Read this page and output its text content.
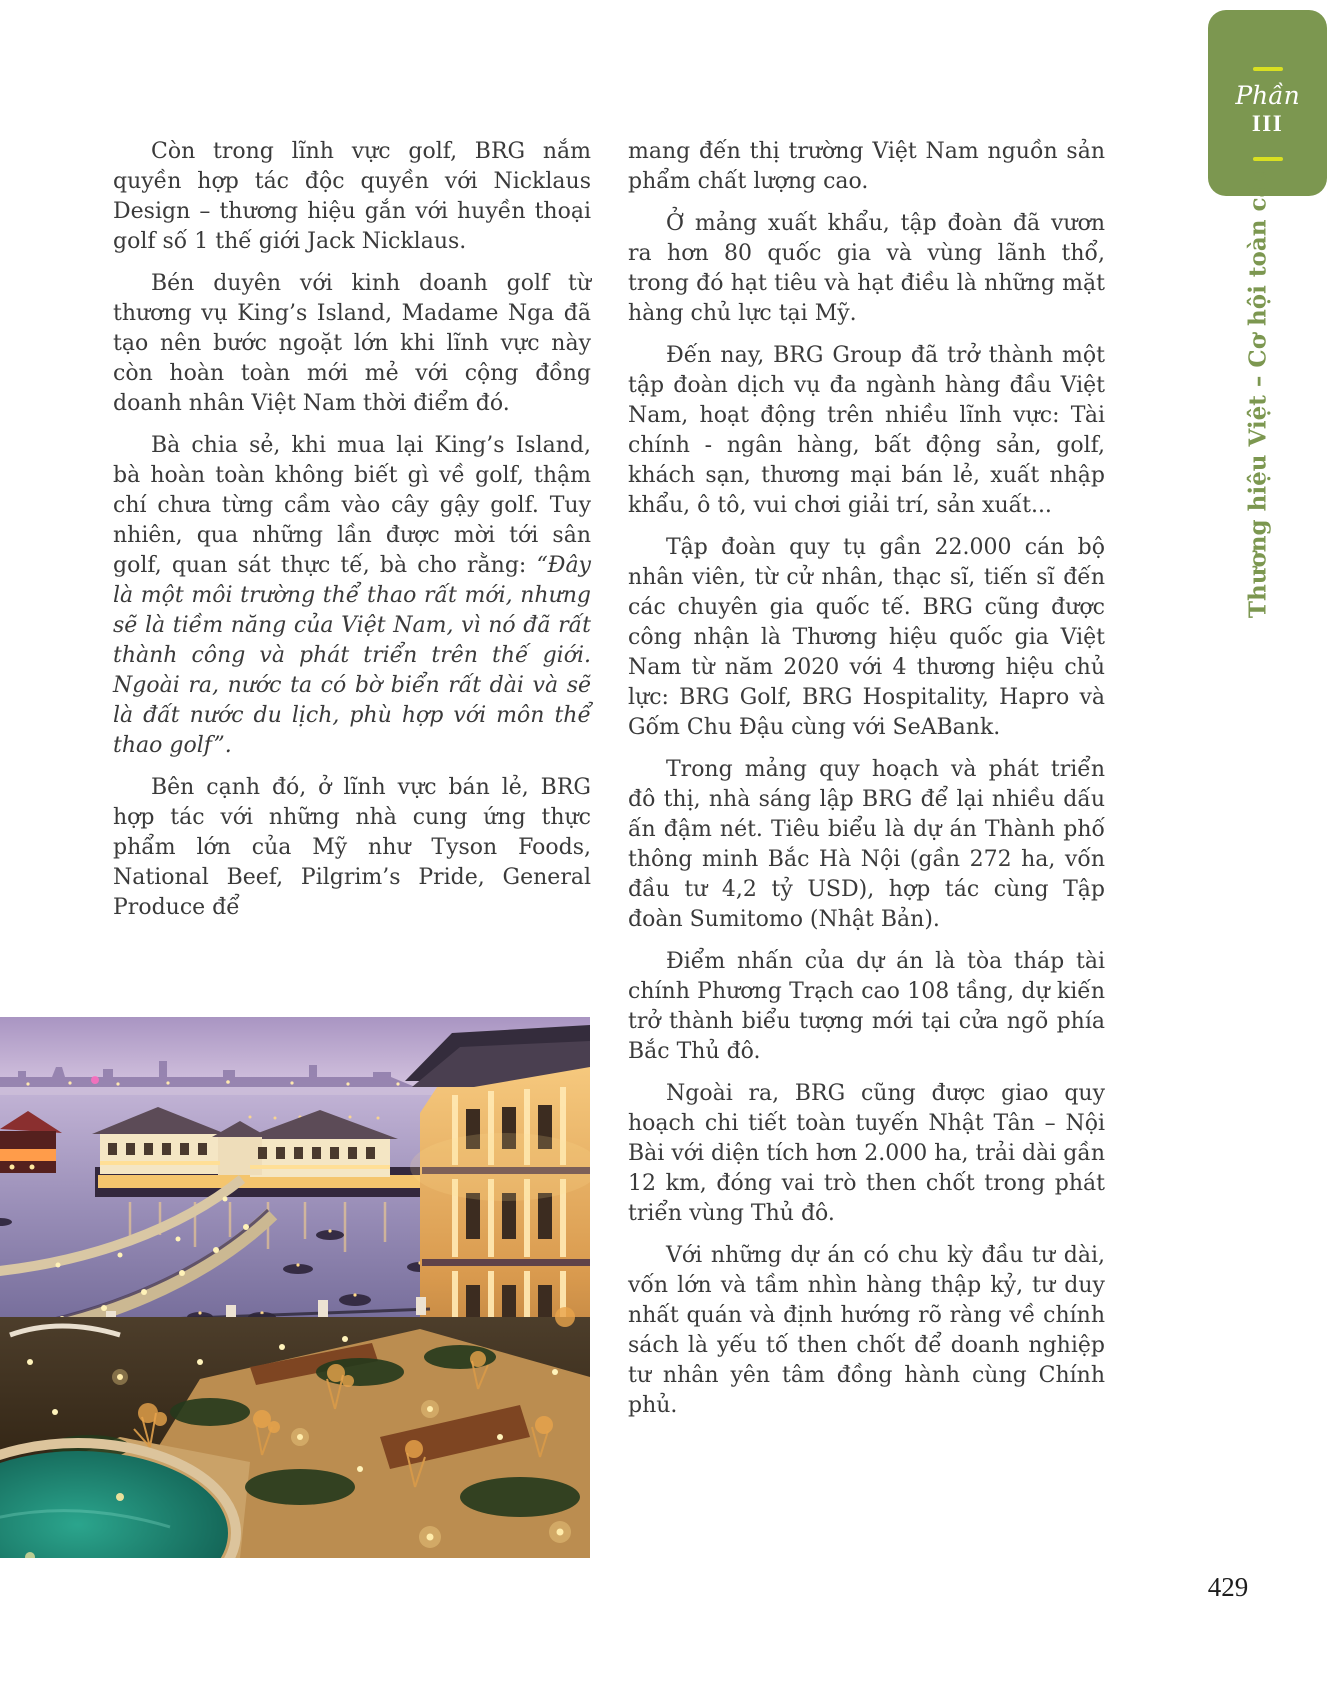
Phần
III
Thương hiệu Việt – Cơ hội toàn cầu

Còn trong lĩnh vực golf, BRG nắm quyền hợp tác độc quyền với Nicklaus Design – thương hiệu gắn với huyền thoại golf số 1 thế giới Jack Nicklaus.

Bén duyên với kinh doanh golf từ thương vụ King’s Island, Madame Nga đã tạo nên bước ngoặt lớn khi lĩnh vực này còn hoàn toàn mới mẻ với cộng đồng doanh nhân Việt Nam thời điểm đó.

Bà chia sẻ, khi mua lại King’s Island, bà hoàn toàn không biết gì về golf, thậm chí chưa từng cầm vào cây gậy golf. Tuy nhiên, qua những lần được mời tới sân golf, quan sát thực tế, bà cho rằng: “Đây là một môi trường thể thao rất mới, nhưng sẽ là tiềm năng của Việt Nam, vì nó đã rất thành công và phát triển trên thế giới. Ngoài ra, nước ta có bờ biển rất dài và sẽ là đất nước du lịch, phù hợp với môn thể thao golf”.

Bên cạnh đó, ở lĩnh vực bán lẻ, BRG hợp tác với những nhà cung ứng thực phẩm lớn của Mỹ như Tyson Foods, National Beef, Pilgrim’s Pride, General Produce để

mang đến thị trường Việt Nam nguồn sản phẩm chất lượng cao.

Ở mảng xuất khẩu, tập đoàn đã vươn ra hơn 80 quốc gia và vùng lãnh thổ, trong đó hạt tiêu và hạt điều là những mặt hàng chủ lực tại Mỹ.

Đến nay, BRG Group đã trở thành một tập đoàn dịch vụ đa ngành hàng đầu Việt Nam, hoạt động trên nhiều lĩnh vực: Tài chính - ngân hàng, bất động sản, golf, khách sạn, thương mại bán lẻ, xuất nhập khẩu, ô tô, vui chơi giải trí, sản xuất...

Tập đoàn quy tụ gần 22.000 cán bộ nhân viên, từ cử nhân, thạc sĩ, tiến sĩ đến các chuyên gia quốc tế. BRG cũng được công nhận là Thương hiệu quốc gia Việt Nam từ năm 2020 với 4 thương hiệu chủ lực: BRG Golf, BRG Hospitality, Hapro và Gốm Chu Đậu cùng với SeABank.

Trong mảng quy hoạch và phát triển đô thị, nhà sáng lập BRG để lại nhiều dấu ấn đậm nét. Tiêu biểu là dự án Thành phố thông minh Bắc Hà Nội (gần 272 ha, vốn đầu tư 4,2 tỷ USD), hợp tác cùng Tập đoàn Sumitomo (Nhật Bản).

Điểm nhấn của dự án là tòa tháp tài chính Phương Trạch cao 108 tầng, dự kiến trở thành biểu tượng mới tại cửa ngõ phía Bắc Thủ đô.

Ngoài ra, BRG cũng được giao quy hoạch chi tiết toàn tuyến Nhật Tân – Nội Bài với diện tích hơn 2.000 ha, trải dài gần 12 km, đóng vai trò then chốt trong phát triển vùng Thủ đô.

Với những dự án có chu kỳ đầu tư dài, vốn lớn và tầm nhìn hàng thập kỷ, tư duy nhất quán và định hướng rõ ràng về chính sách là yếu tố then chốt để doanh nghiệp tư nhân yên tâm đồng hành cùng Chính phủ.

429
